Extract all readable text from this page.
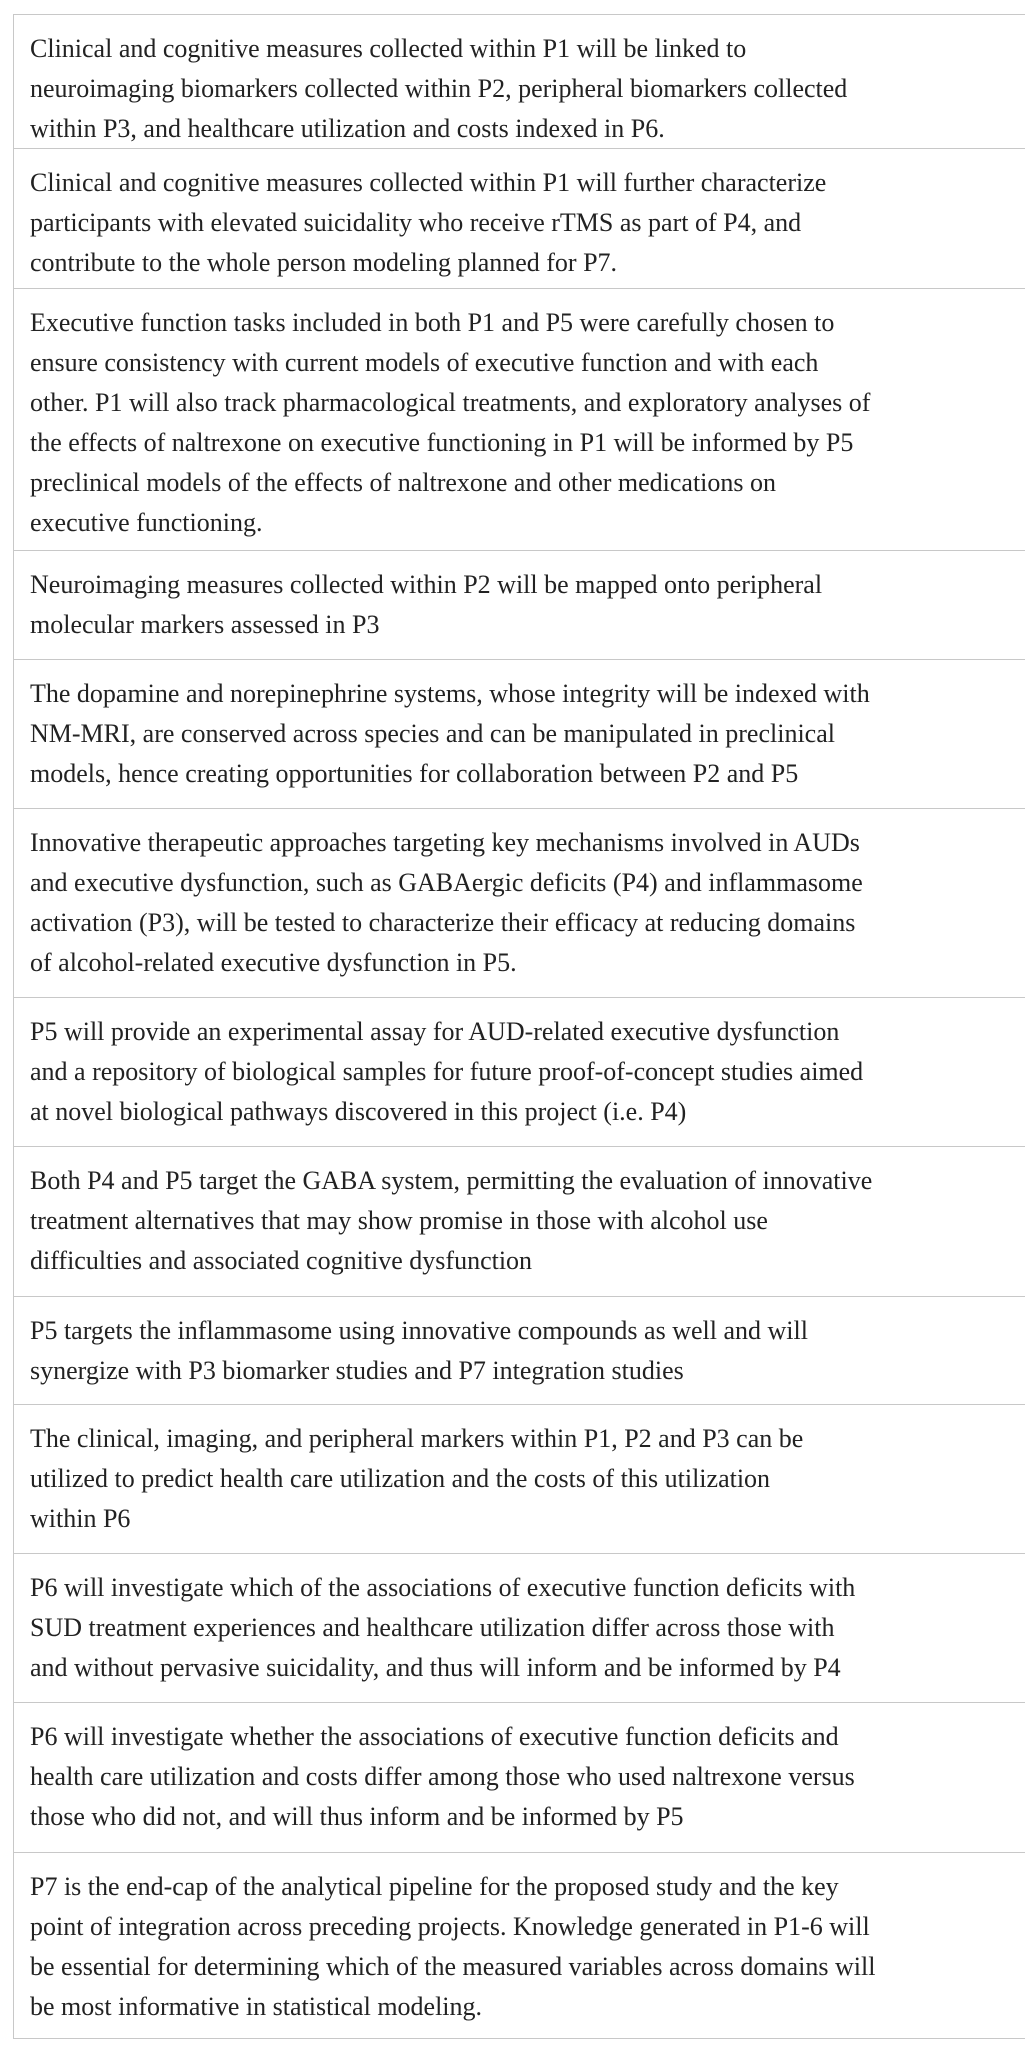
Clinical and cognitive measures collected within P1 will be linked to
neuroimaging biomarkers collected within P2, peripheral biomarkers collected
within P3, and healthcare utilization and costs indexed in P6.
Clinical and cognitive measures collected within P1 will further characterize
participants with elevated suicidality who receive rTMS as part of P4, and
contribute to the whole person modeling planned for P7.
Executive function tasks included in both P1 and P5 were carefully chosen to
ensure consistency with current models of executive function and with each
other. P1 will also track pharmacological treatments, and exploratory analyses of
the effects of naltrexone on executive functioning in P1 will be informed by P5
preclinical models of the effects of naltrexone and other medications on
executive functioning.
Neuroimaging measures collected within P2 will be mapped onto peripheral
molecular markers assessed in P3
The dopamine and norepinephrine systems, whose integrity will be indexed with
NM-MRI, are conserved across species and can be manipulated in preclinical
models, hence creating opportunities for collaboration between P2 and P5
Innovative therapeutic approaches targeting key mechanisms involved in AUDs
and executive dysfunction, such as GABAergic deficits (P4) and inflammasome
activation (P3), will be tested to characterize their efficacy at reducing domains
of alcohol-related executive dysfunction in P5.
P5 will provide an experimental assay for AUD-related executive dysfunction
and a repository of biological samples for future proof-of-concept studies aimed
at novel biological pathways discovered in this project (i.e. P4)
Both P4 and P5 target the GABA system, permitting the evaluation of innovative
treatment alternatives that may show promise in those with alcohol use
difficulties and associated cognitive dysfunction
P5 targets the inflammasome using innovative compounds as well and will
synergize with P3 biomarker studies and P7 integration studies
The clinical, imaging, and peripheral markers within P1, P2 and P3 can be
utilized to predict health care utilization and the costs of this utilization
within P6
P6 will investigate which of the associations of executive function deficits with
SUD treatment experiences and healthcare utilization differ across those with
and without pervasive suicidality, and thus will inform and be informed by P4
P6 will investigate whether the associations of executive function deficits and
health care utilization and costs differ among those who used naltrexone versus
those who did not, and will thus inform and be informed by P5
P7 is the end-cap of the analytical pipeline for the proposed study and the key
point of integration across preceding projects. Knowledge generated in P1-6 will
be essential for determining which of the measured variables across domains will
be most informative in statistical modeling.
